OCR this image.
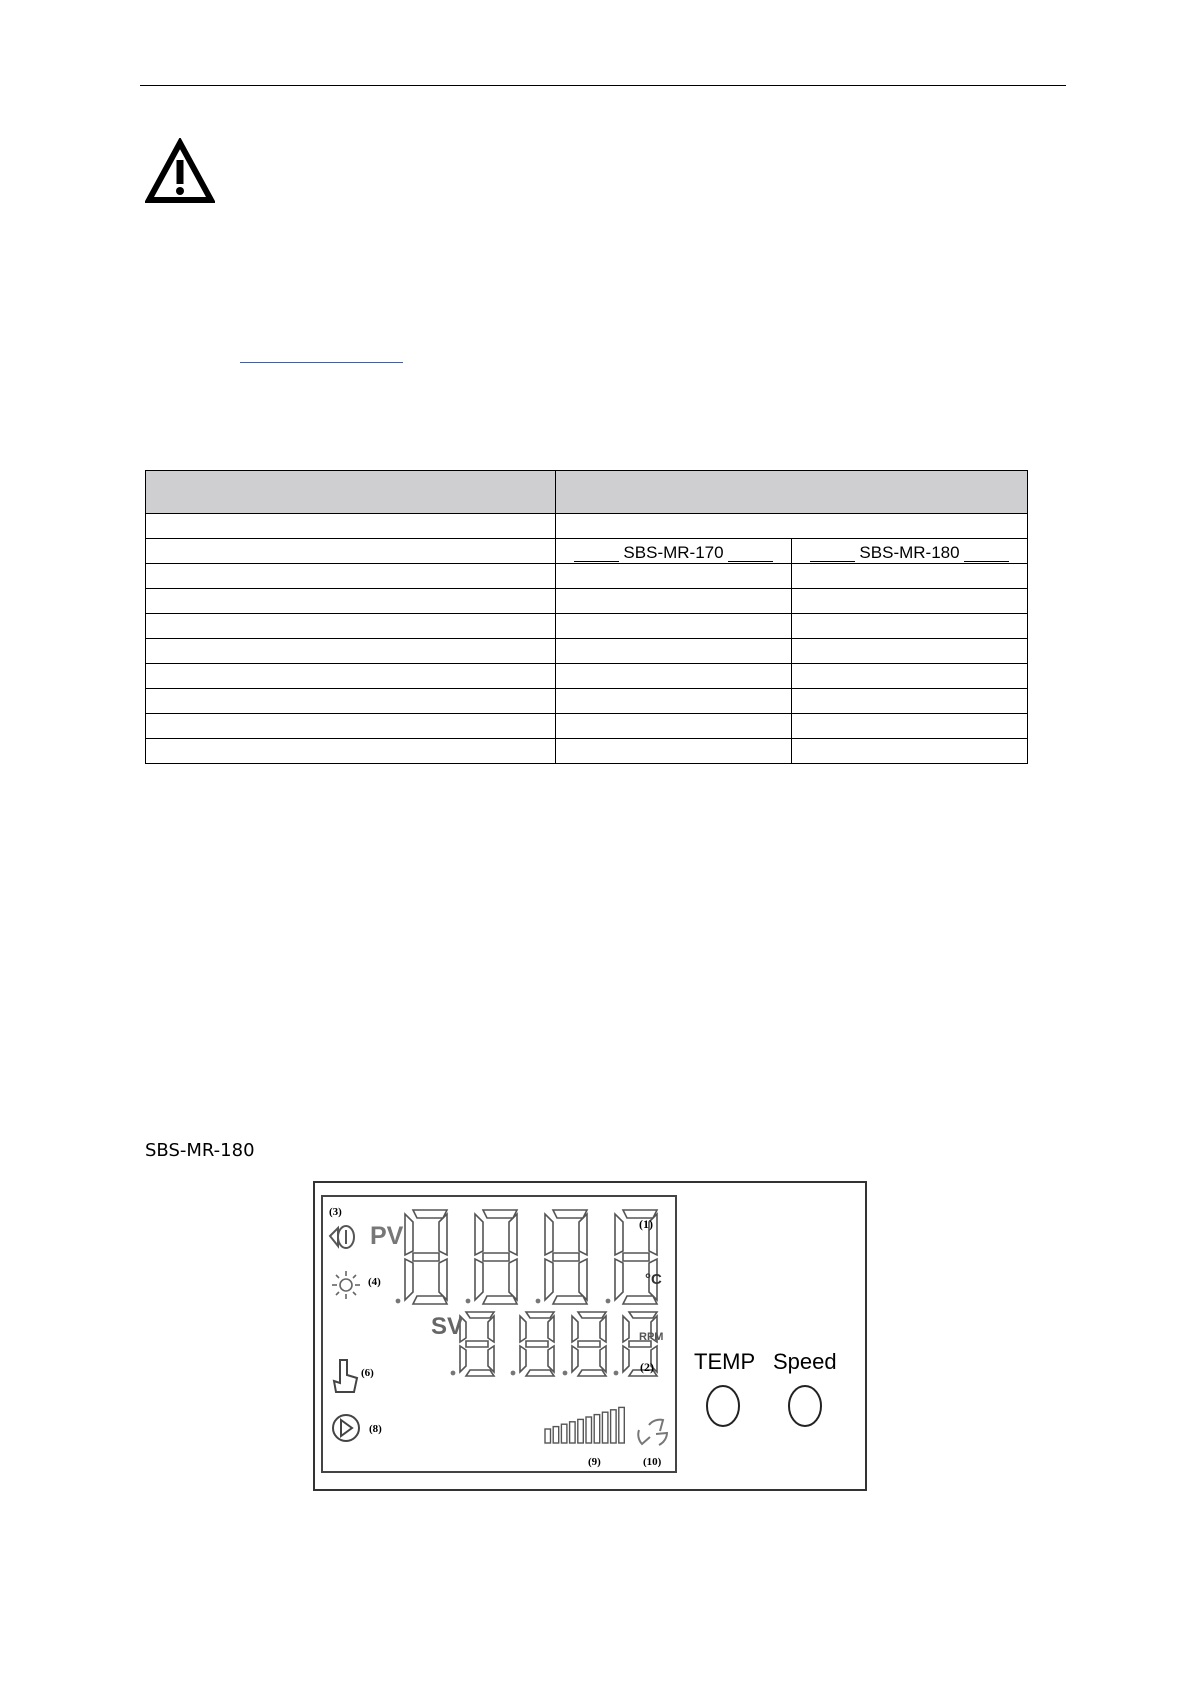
SBS-MR-170	SBS-MR-180

SBS-MR-180
PV
SV
°C
RPM
(1)
(2)
(3)
(4)
(6)
(8)
(9)	(10)
TEMP Speed
